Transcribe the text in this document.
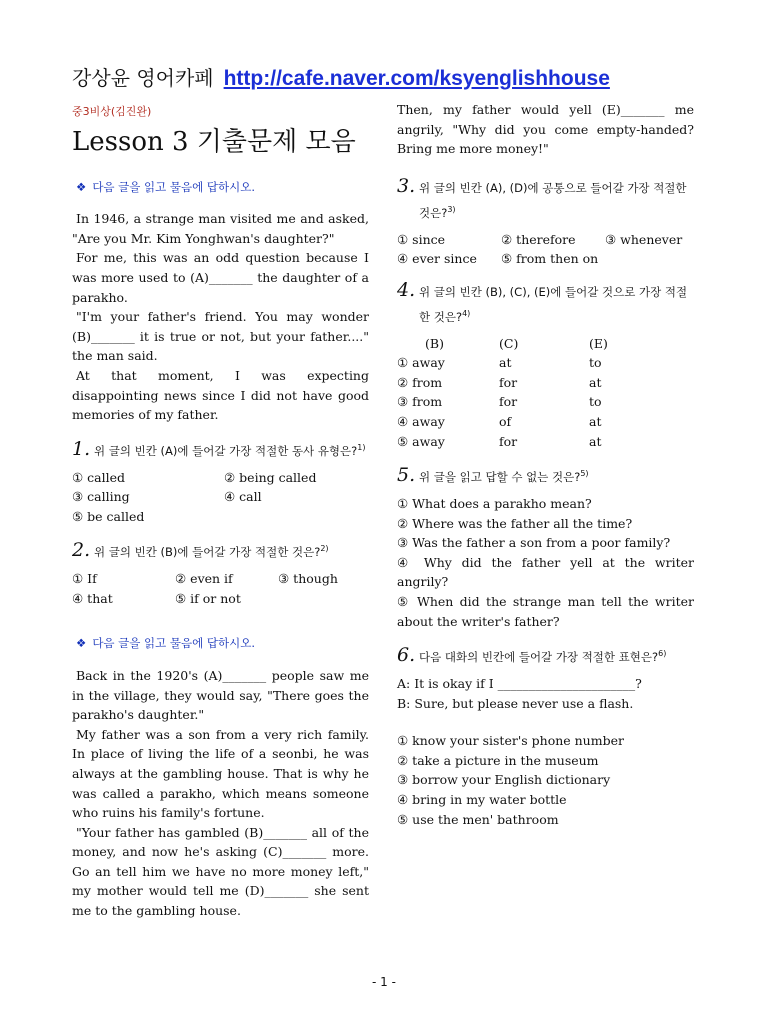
강상윤 영어카페 http://cafe.naver.com/ksyenglishhouse
중3비상(김진완)
Lesson 3 기출문제 모음
❖ 다음 글을 읽고 물음에 답하시오.

In 1946, a strange man visited me and asked, "Are you Mr. Kim Yonghwan's daughter?"

For me, this was an odd question because I was more used to (A)_______ the daughter of a parakho.

"I'm your father's friend. You may wonder (B)_______ it is true or not, but your father...." the man said.

At that moment, I was expecting disappointing news since I did not have good memories of my father.

1. 위 글의 빈칸 (A)에 들어갈 가장 적절한 동사 유형은?$^{1)}$
① called	② being called
③ calling	④ call
⑤ be called
2. 위 글의 빈칸 (B)에 들어갈 가장 적절한 것은?$^{2)}$
① If	② even if	③ though
④ that	⑤ if or not
❖ 다음 글을 읽고 물음에 답하시오.

Back in the 1920's (A)_______ people saw me in the village, they would say, "There goes the parakho's daughter."

My father was a son from a very rich family. In place of living the life of a seonbi, he was always at the gambling house. That is why he was called a parakho, which means someone who ruins his family's fortune.

"Your father has gambled (B)_______ all of the money, and now he's asking (C)_______ more. Go an tell him we have no more money left," my mother would tell me (D)_______ she sent me to the gambling house.

Then, my father would yell (E)_______ me angrily, "Why did you come empty-handed? Bring me more money!"

3. 위 글의 빈칸 (A), (D)에 공통으로 들어갈 가장 적절한 것은?$^{3)}$
① since	② therefore	③ whenever
④ ever since	⑤ from then on
4. 위 글의 빈칸 (B), (C), (E)에 들어갈 것으로 가장 적절한 것은?$^{4)}$
(B)	(C)	(E)
① away	at	to
② from	for	at
③ from	for	to
④ away	of	at
⑤ away	for	at
5. 위 글을 읽고 답할 수 없는 것은?$^{5)}$

① What does a parakho mean?

② Where was the father all the time?

③ Was the father a son from a poor family?

④ Why did the father yell at the writer angrily?

⑤ When did the strange man tell the writer about the writer's father?

6. 다음 대화의 빈칸에 들어갈 가장 적절한 표현은?$^{6)}$
A: It is okay if I ______________________?
B: Sure, but please never use a flash.
① know your sister's phone number
② take a picture in the museum
③ borrow your English dictionary
④ bring in my water bottle
⑤ use the men' bathroom
- 1 -
